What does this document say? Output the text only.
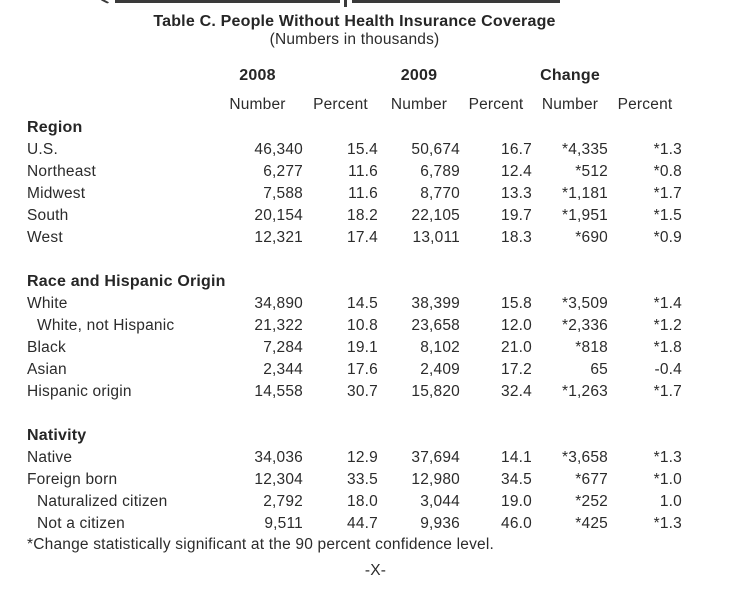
Table C. People Without Health Insurance Coverage
(Numbers in thousands)
2008	2009	Change
Number	Percent	Number	Percent	Number	Percent
Region
U.S.	46,340	15.4	50,674	16.7	*4,335	*1.3
Northeast	6,277	11.6	6,789	12.4	*512	*0.8
Midwest	7,588	11.6	8,770	13.3	*1,181	*1.7
South	20,154	18.2	22,105	19.7	*1,951	*1.5
West	12,321	17.4	13,011	18.3	*690	*0.9
Race and Hispanic Origin
White	34,890	14.5	38,399	15.8	*3,509	*1.4
White, not Hispanic	21,322	10.8	23,658	12.0	*2,336	*1.2
Black	7,284	19.1	8,102	21.0	*818	*1.8
Asian	2,344	17.6	2,409	17.2	65	-0.4
Hispanic origin	14,558	30.7	15,820	32.4	*1,263	*1.7
Nativity
Native	34,036	12.9	37,694	14.1	*3,658	*1.3
Foreign born	12,304	33.5	12,980	34.5	*677	*1.0
Naturalized citizen	2,792	18.0	3,044	19.0	*252	1.0
Not a citizen	9,511	44.7	9,936	46.0	*425	*1.3
*Change statistically significant at the 90 percent confidence level.
-X-
